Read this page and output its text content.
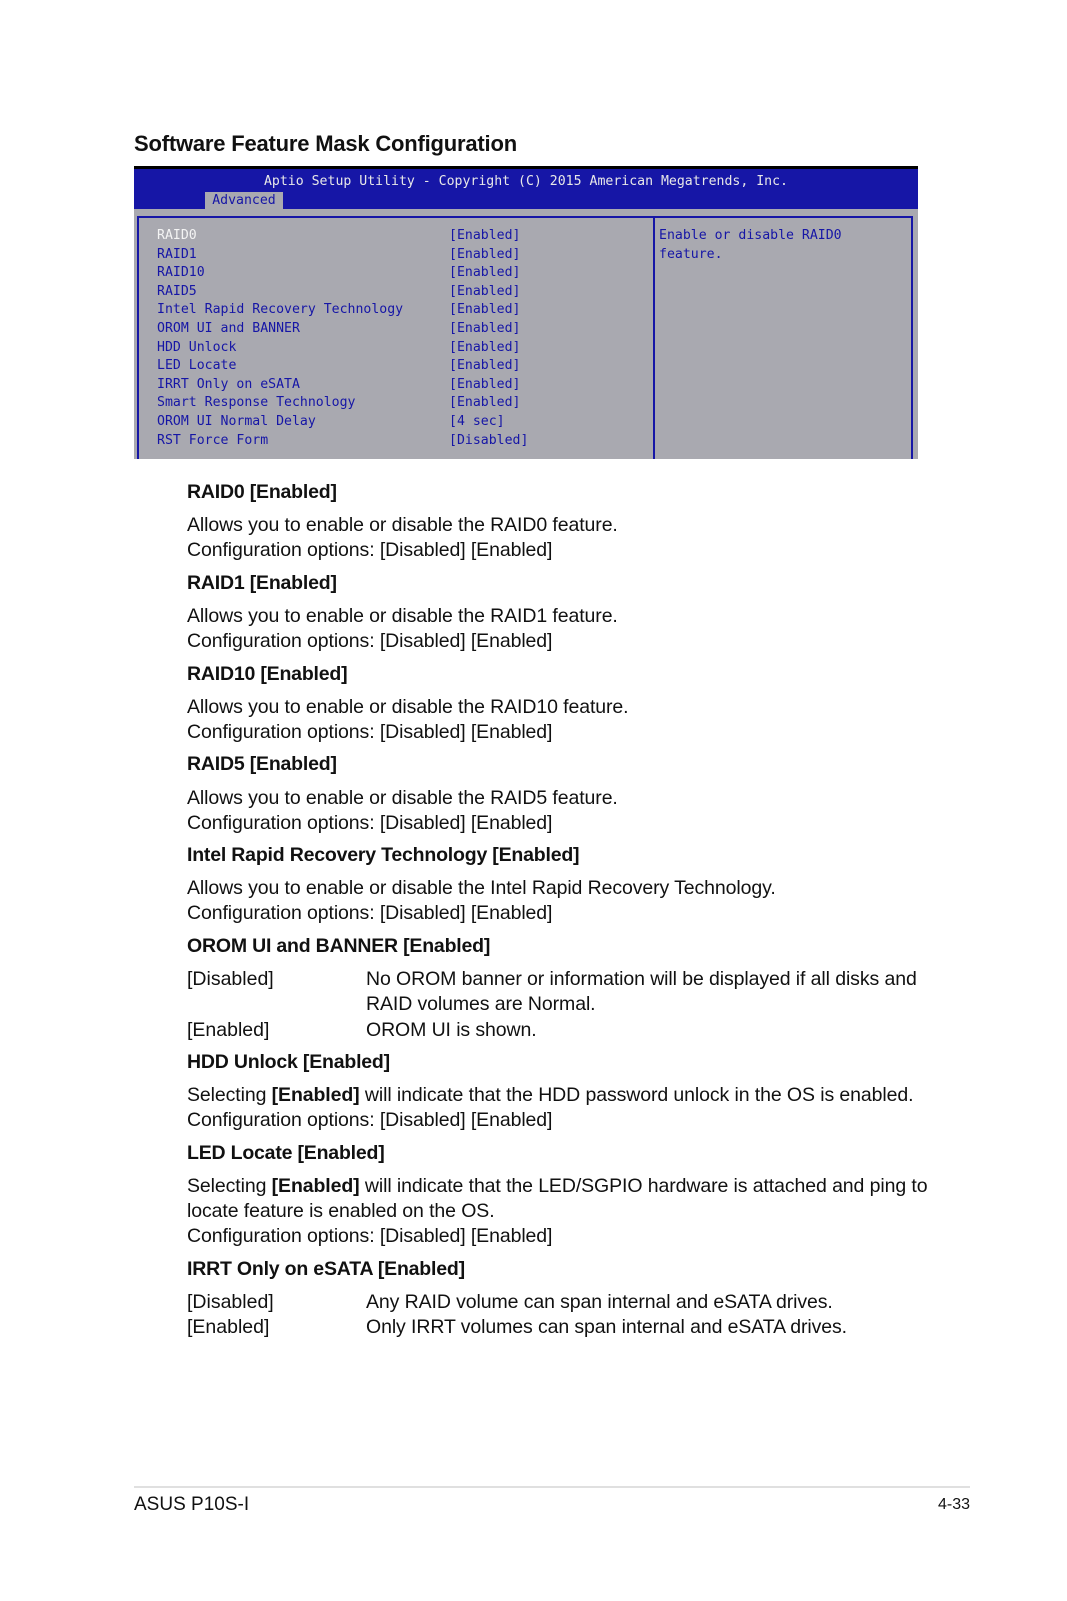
Software Feature Mask Configuration
Aptio Setup Utility - Copyright (C) 2015 American Megatrends, Inc.
Advanced
RAID0	[Enabled]
RAID1	[Enabled]
RAID10	[Enabled]
RAID5	[Enabled]
Intel Rapid Recovery Technology	[Enabled]
OROM UI and BANNER	[Enabled]
HDD Unlock	[Enabled]
LED Locate	[Enabled]
IRRT Only on eSATA	[Enabled]
Smart Response Technology	[Enabled]
OROM UI Normal Delay	[4 sec]
RST Force Form	[Disabled]
Enable or disable RAID0
feature.
RAID0 [Enabled]
Allows you to enable or disable the RAID0 feature.
Configuration options: [Disabled] [Enabled]
RAID1 [Enabled]
Allows you to enable or disable the RAID1 feature.
Configuration options: [Disabled] [Enabled]
RAID10 [Enabled]
Allows you to enable or disable the RAID10 feature.
Configuration options: [Disabled] [Enabled]
RAID5 [Enabled]
Allows you to enable or disable the RAID5 feature.
Configuration options: [Disabled] [Enabled]
Intel Rapid Recovery Technology [Enabled]
Allows you to enable or disable the Intel Rapid Recovery Technology.
Configuration options: [Disabled] [Enabled]
OROM UI and BANNER [Enabled]
[Disabled]	No OROM banner or information will be displayed if all disks and
RAID volumes are Normal.
[Enabled]	OROM UI is shown.
HDD Unlock [Enabled]
Selecting [Enabled] will indicate that the HDD password unlock in the OS is enabled.
Configuration options: [Disabled] [Enabled]
LED Locate [Enabled]
Selecting [Enabled] will indicate that the LED/SGPIO hardware is attached and ping to
locate feature is enabled on the OS.
Configuration options: [Disabled] [Enabled]
IRRT Only on eSATA [Enabled]
[Disabled]	Any RAID volume can span internal and eSATA drives.
[Enabled]	Only IRRT volumes can span internal and eSATA drives.
ASUS P10S-I	4-33
